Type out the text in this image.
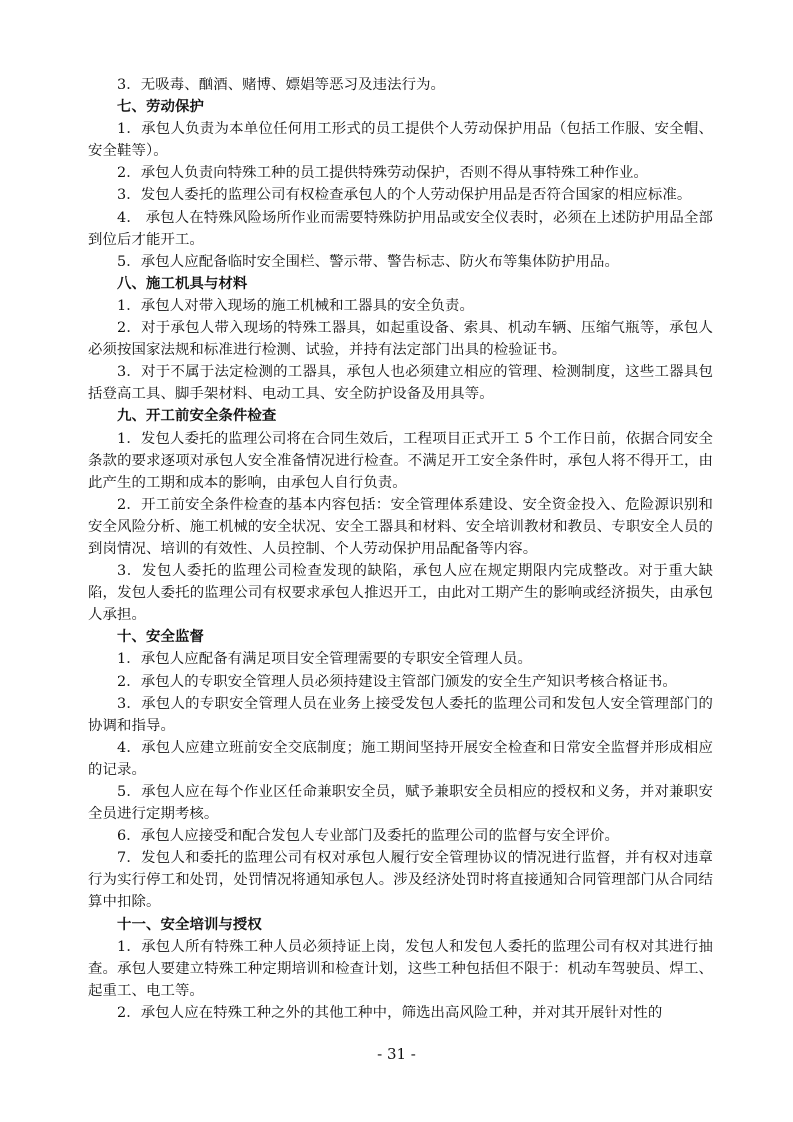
3．无吸毒、酗酒、赌博、嫖娼等恶习及违法行为。

七、劳动保护

1．承包人负责为本单位任何用工形式的员工提供个人劳动保护用品（包括工作服、安全帽、安全鞋等）。

2．承包人负责向特殊工种的员工提供特殊劳动保护，否则不得从事特殊工种作业。

3．发包人委托的监理公司有权检查承包人的个人劳动保护用品是否符合国家的相应标准。

4． 承包人在特殊风险场所作业而需要特殊防护用品或安全仪表时，必须在上述防护用品全部到位后才能开工。

5．承包人应配备临时安全围栏、警示带、警告标志、防火布等集体防护用品。

八、施工机具与材料

1．承包人对带入现场的施工机械和工器具的安全负责。

2．对于承包人带入现场的特殊工器具，如起重设备、索具、机动车辆、压缩气瓶等，承包人必须按国家法规和标准进行检测、试验，并持有法定部门出具的检验证书。

3．对于不属于法定检测的工器具，承包人也必须建立相应的管理、检测制度，这些工器具包括登高工具、脚手架材料、电动工具、安全防护设备及用具等。

九、开工前安全条件检查

1．发包人委托的监理公司将在合同生效后，工程项目正式开工 5 个工作日前，依据合同安全条款的要求逐项对承包人安全准备情况进行检查。不满足开工安全条件时，承包人将不得开工，由此产生的工期和成本的影响，由承包人自行负责。

2．开工前安全条件检查的基本内容包括：安全管理体系建设、安全资金投入、危险源识别和安全风险分析、施工机械的安全状况、安全工器具和材料、安全培训教材和教员、专职安全人员的到岗情况、培训的有效性、人员控制、个人劳动保护用品配备等内容。

3．发包人委托的监理公司检查发现的缺陷，承包人应在规定期限内完成整改。对于重大缺陷，发包人委托的监理公司有权要求承包人推迟开工，由此对工期产生的影响或经济损失，由承包人承担。

十、安全监督

1．承包人应配备有满足项目安全管理需要的专职安全管理人员。

2．承包人的专职安全管理人员必须持建设主管部门颁发的安全生产知识考核合格证书。

3．承包人的专职安全管理人员在业务上接受发包人委托的监理公司和发包人安全管理部门的协调和指导。

4．承包人应建立班前安全交底制度；施工期间坚持开展安全检查和日常安全监督并形成相应的记录。

5．承包人应在每个作业区任命兼职安全员，赋予兼职安全员相应的授权和义务，并对兼职安全员进行定期考核。

6．承包人应接受和配合发包人专业部门及委托的监理公司的监督与安全评价。

7．发包人和委托的监理公司有权对承包人履行安全管理协议的情况进行监督，并有权对违章行为实行停工和处罚，处罚情况将通知承包人。涉及经济处罚时将直接通知合同管理部门从合同结算中扣除。

十一、安全培训与授权

1．承包人所有特殊工种人员必须持证上岗，发包人和发包人委托的监理公司有权对其进行抽查。承包人要建立特殊工种定期培训和检查计划，这些工种包括但不限于：机动车驾驶员、焊工、起重工、电工等。

2．承包人应在特殊工种之外的其他工种中，筛选出高风险工种，并对其开展针对性的

- 31 -
